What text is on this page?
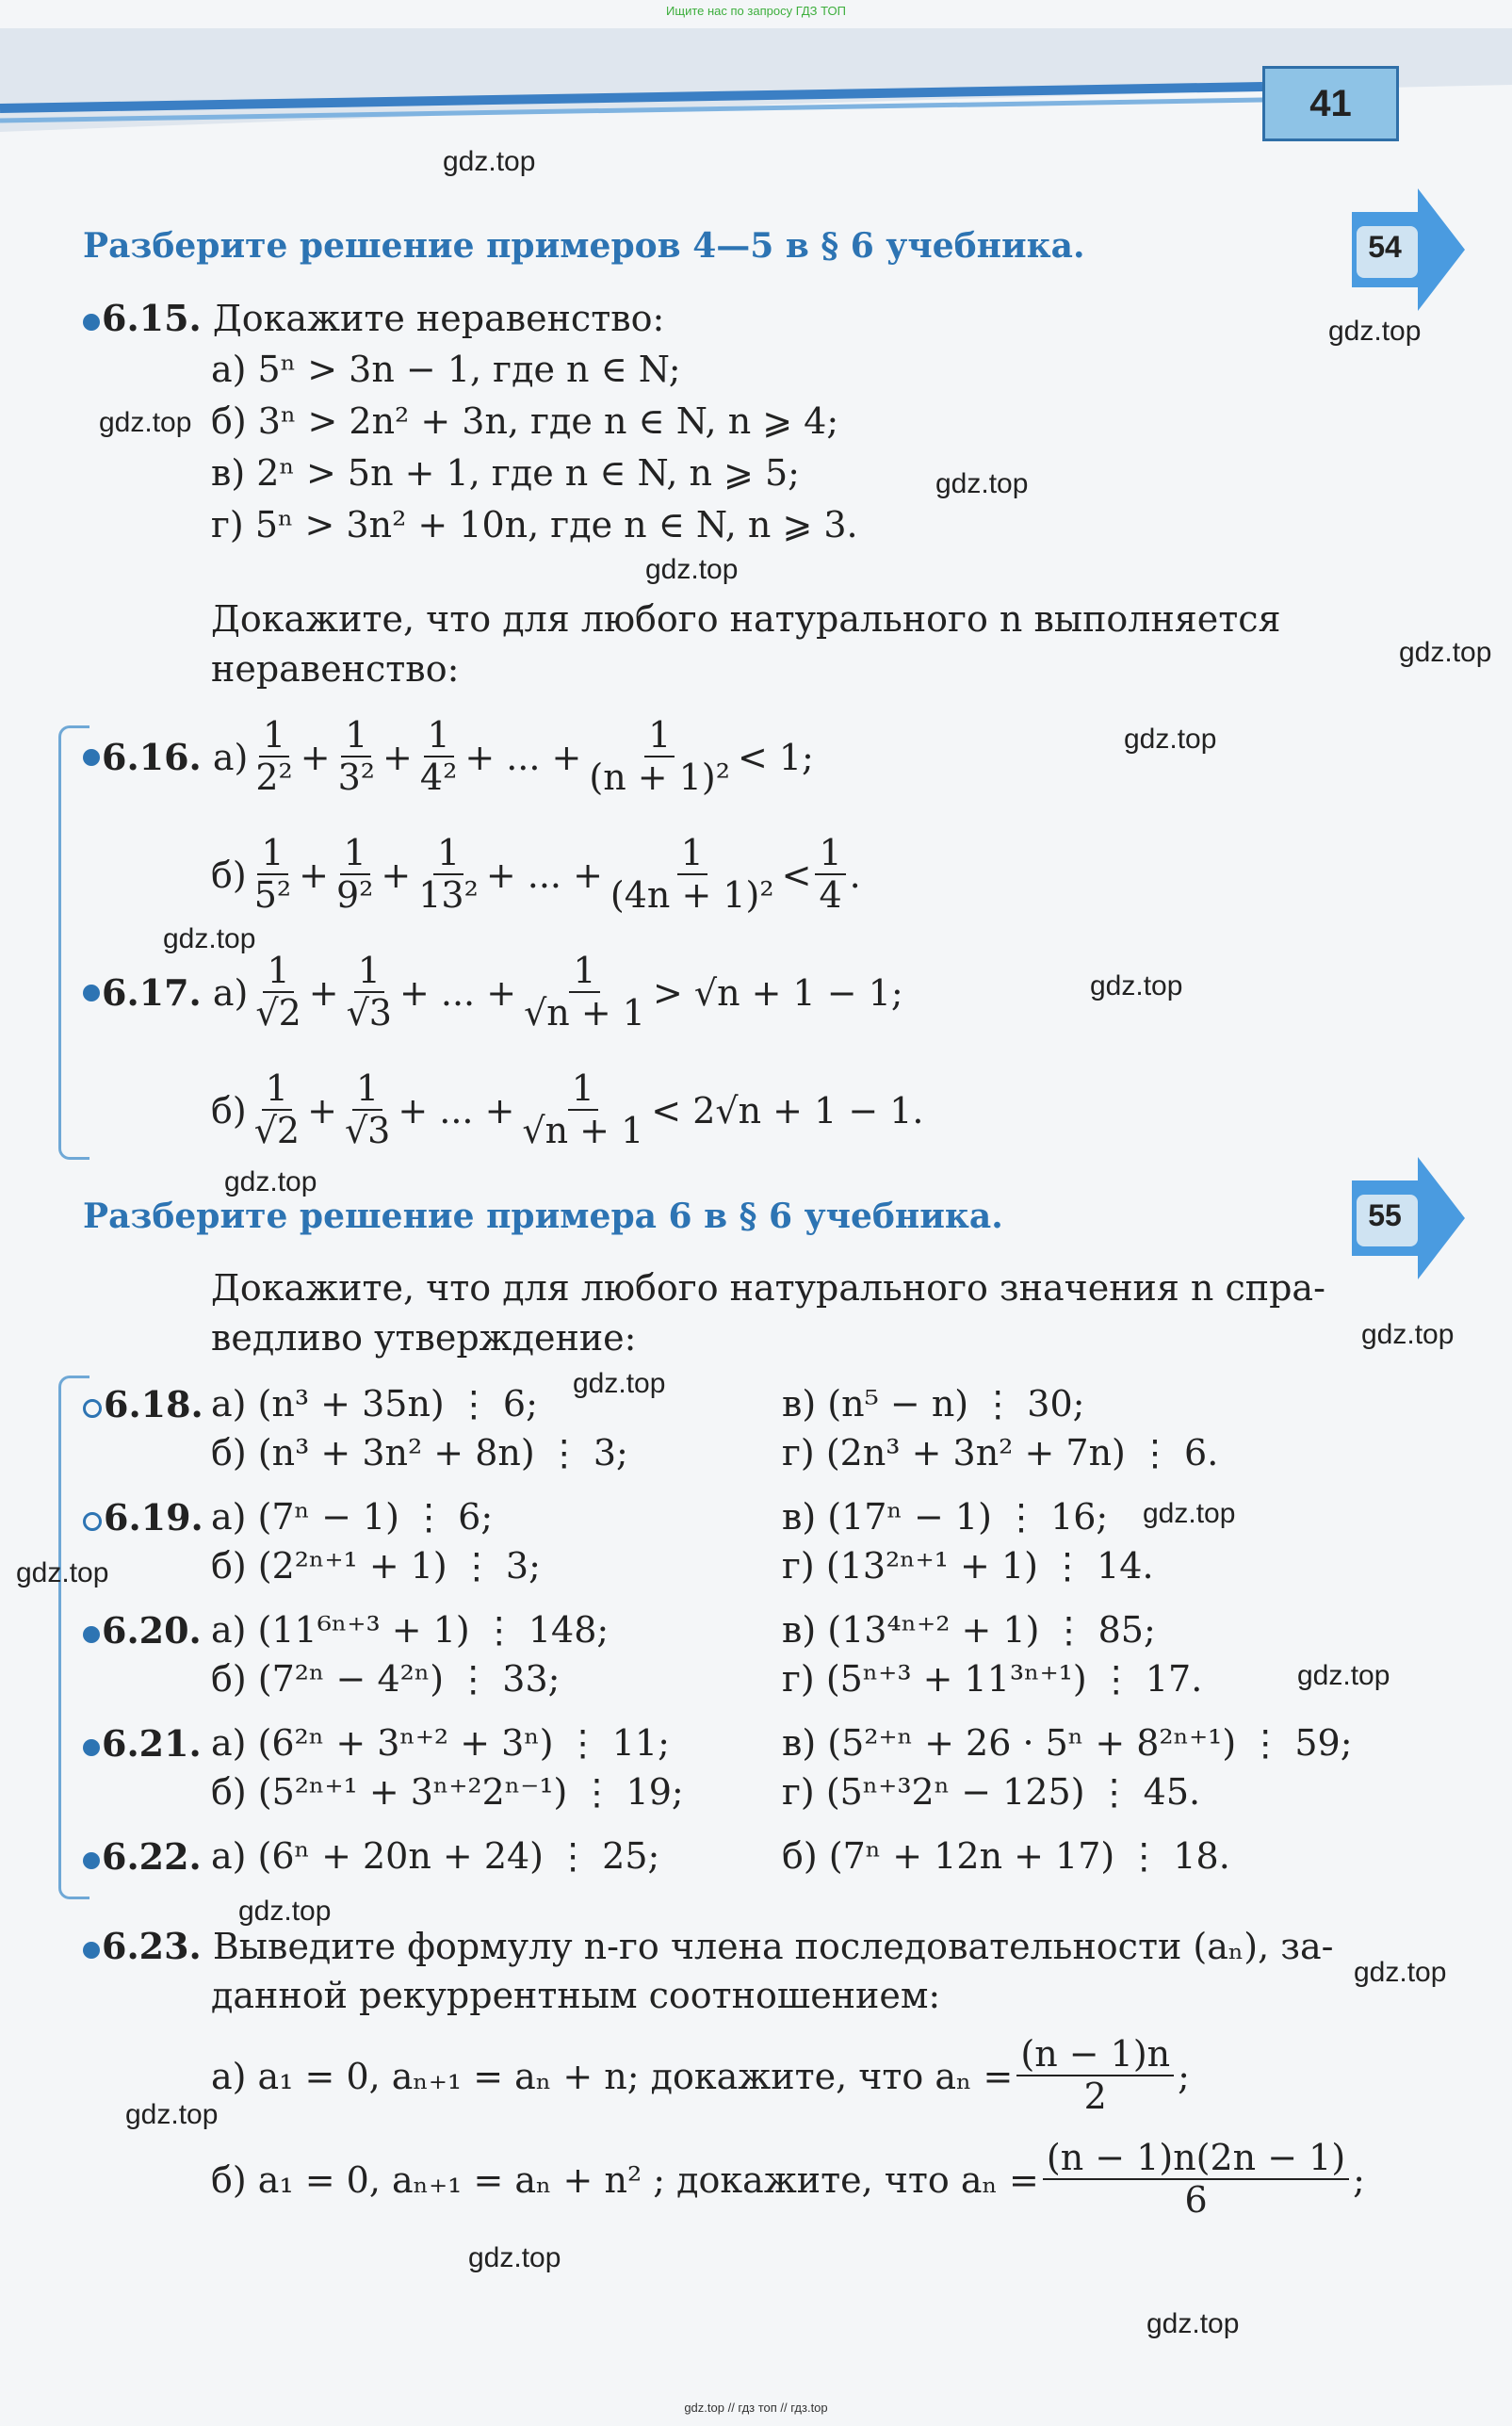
Ищите нас по запросу ГДЗ ТОП
41
54
55
Разберите решение примеров 4—5 в § 6 учебника.
6.15. Докажите неравенство:
а) 5ⁿ > 3n − 1, где n ∈ N;
б) 3ⁿ > 2n² + 3n, где n ∈ N, n ⩾ 4;
в) 2ⁿ > 5n + 1, где n ∈ N, n ⩾ 5;
г) 5ⁿ > 3n² + 10n, где n ∈ N, n ⩾ 3.
Докажите, что для любого натурального n выполняется
неравенство:
6.16.
$а) \frac{1}{\text{2²}} + \frac{1}{\text{3²}} + \frac{1}{\text{4²}}$ + ... + $\frac{1}{\text{(n + 1)²}} < 1$;
$б) \frac{1}{\text{5²}} + \frac{1}{\text{9²}} + \frac{1}{\text{13²}}$ + ... + $\frac{1}{\text{(4n + 1)²}} < \frac{1}{4}$ .
6.17.
$а) \frac{1}{√2} + \frac{1}{√3}$ + ... + $\frac{1}{√n + 1} > √n + 1 - 1$;
$б) \frac{1}{√2} + \frac{1}{√3}$ + ... + $\frac{1}{√n + 1} < 2√n + 1 - 1$.
Разберите решение примера 6 в § 6 учебника.
Докажите, что для любого натурального значения n спра-
ведливо утверждение:
6.18. а) (n³ + 35n) ⋮ 6;	в) (n⁵ − n) ⋮ 30;
б) (n³ + 3n² + 8n) ⋮ 3;	г) (2n³ + 3n² + 7n) ⋮ 6.
6.19. а) (7ⁿ − 1) ⋮ 6;	в) (17ⁿ − 1) ⋮ 16;
б) (2²ⁿ⁺¹ + 1) ⋮ 3;	г) (13²ⁿ⁺¹ + 1) ⋮ 14.
6.20. а) (11⁶ⁿ⁺³ + 1) ⋮ 148;	в) (13⁴ⁿ⁺² + 1) ⋮ 85;
б) (7²ⁿ − 4²ⁿ) ⋮ 33;	г) (5ⁿ⁺³ + 11³ⁿ⁺¹) ⋮ 17.
6.21. а) (6²ⁿ + 3ⁿ⁺² + 3ⁿ) ⋮ 11;	в) (5²⁺ⁿ + 26 · 5ⁿ + 8²ⁿ⁺¹) ⋮ 59;
б) (5²ⁿ⁺¹ + 3ⁿ⁺²2ⁿ⁻¹) ⋮ 19;	г) (5ⁿ⁺³2ⁿ − 125) ⋮ 45.
6.22. а) (6ⁿ + 20n + 24) ⋮ 25;	б) (7ⁿ + 12n + 17) ⋮ 18.
6.23. Выведите формулу n-го члена последовательности (aₙ), за-
данной рекуррентным соотношением:
а) a₁ = 0, aₙ₊₁ = aₙ + n; докажите, что $a_n = \frac{(n - 1)n}{2}$ ;
б) a₁ = 0, aₙ₊₁ = aₙ + n² ; докажите, что $a_n = \frac{(n - 1)n(2n - 1)}{6}$ ;
gdz.top
gdz.top
gdz.top
gdz.top
gdz.top
gdz.top
gdz.top
gdz.top
gdz.top
gdz.top
gdz.top
gdz.top
gdz.top
gdz.top
gdz.top
gdz.top
gdz.top
gdz.top
gdz.top
gdz.top
gdz.top // гдз топ // гдз.top
